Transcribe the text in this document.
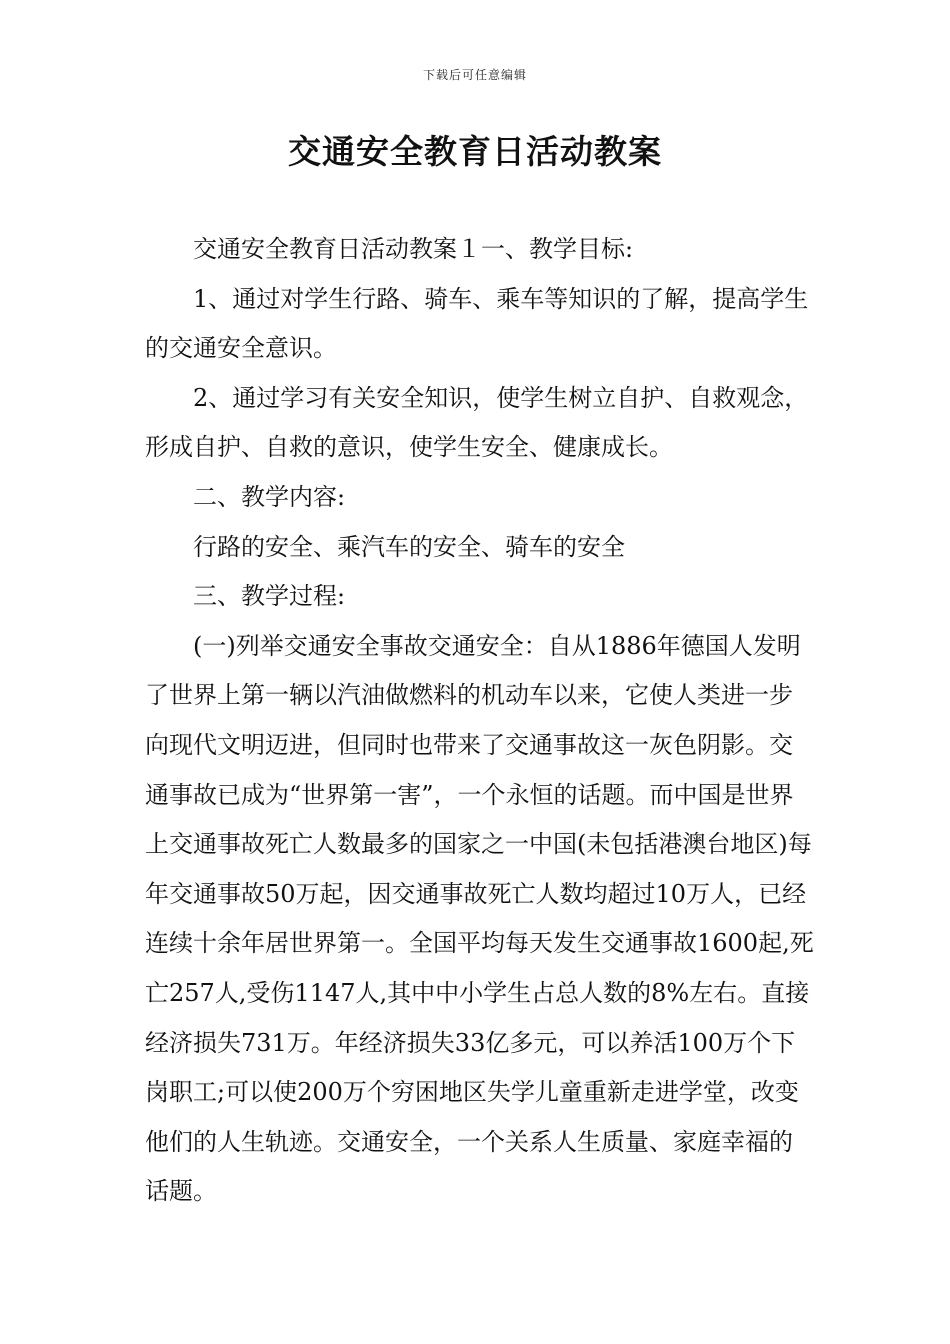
下载后可任意编辑
交通安全教育日活动教案

交通安全教育日活动教案１一、教学目标:

1、通过对学生行路、骑车、乘车等知识的了解，提高学生的交通安全意识。

2、通过学习有关安全知识，使学生树立自护、自救观念，形成自护、自救的意识，使学生安全、健康成长。

二、教学内容:

行路的安全、乘汽车的安全、骑车的安全

三、教学过程:

(一)列举交通安全事故交通安全：自从1886年德国人发明了世界上第一辆以汽油做燃料的机动车以来，它使人类进一步向现代文明迈进，但同时也带来了交通事故这一灰色阴影。交通事故已成为“世界第一害”，一个永恒的话题。而中国是世界上交通事故死亡人数最多的国家之一中国(未包括港澳台地区)每年交通事故50万起，因交通事故死亡人数均超过10万人，已经连续十余年居世界第一。全国平均每天发生交通事故1600起,死亡257人,受伤1147人,其中中小学生占总人数的8%左右。直接经济损失731万。年经济损失33亿多元，可以养活100万个下岗职工;可以使200万个穷困地区失学儿童重新走进学堂，改变他们的人生轨迹。交通安全，一个关系人生质量、家庭幸福的话题。
